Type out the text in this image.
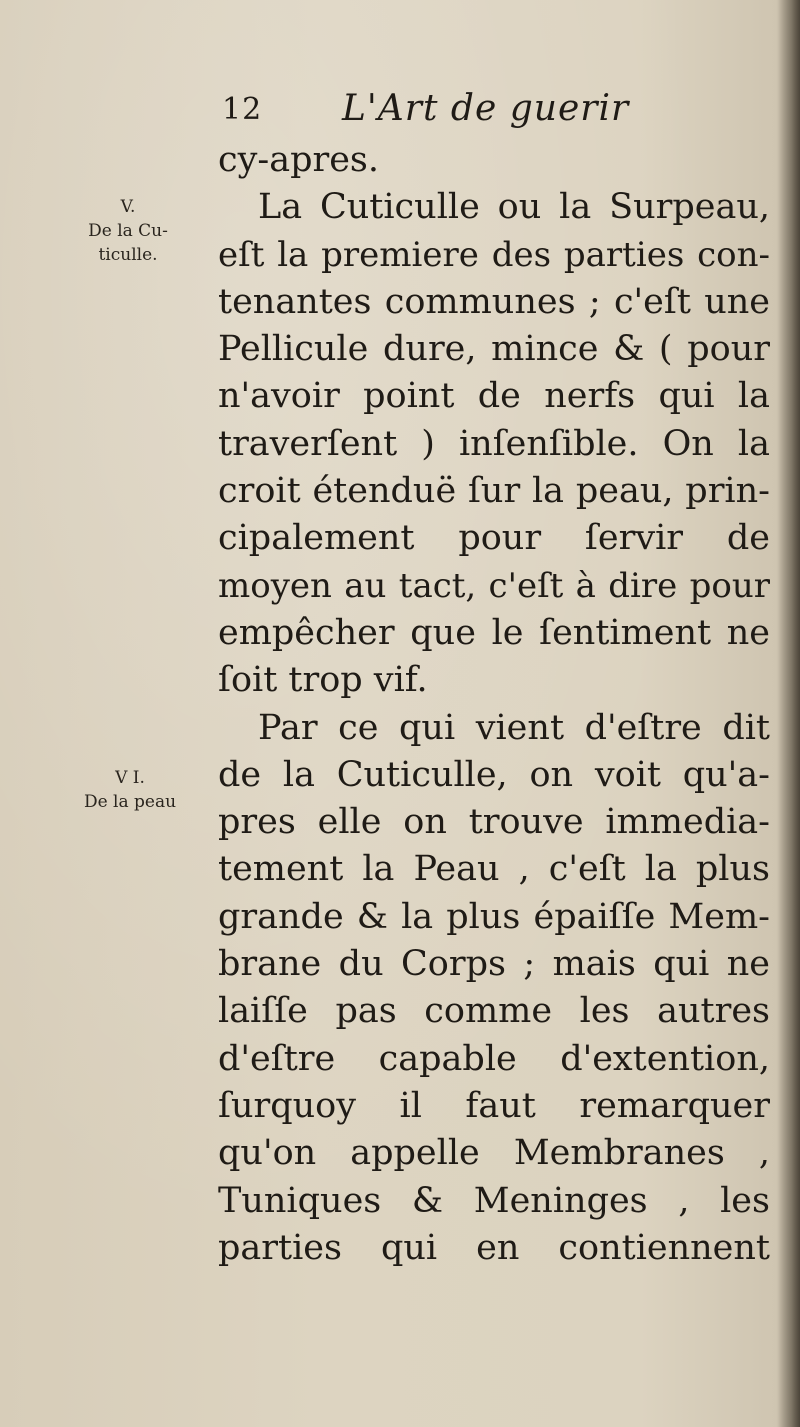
12 L'Art de guerir
V.
De la Cu-
ticulle.
V I.
De la peau
cy-apres.
La Cuticulle ou la Surpeau,
eſt la premiere des parties con-
tenantes communes ; c'eſt une
Pellicule dure, mince & ( pour
n'avoir point de nerfs qui la
traverſent ) inſenſible. On la
croit étenduë ſur la peau, prin-
cipalement pour ſervir de
moyen au tact, c'eſt à dire pour
empêcher que le ſentiment ne
ſoit trop vif.
Par ce qui vient d'eſtre dit
de la Cuticulle, on voit qu'a-
pres elle on trouve immedia-
tement la Peau , c'eſt la plus
grande & la plus épaiſſe Mem-
brane du Corps ; mais qui ne
laiſſe pas comme les autres
d'eſtre capable d'extention,
ſurquoy il faut remarquer
qu'on appelle Membranes ,
Tuniques & Meninges , les
parties qui en contiennent
